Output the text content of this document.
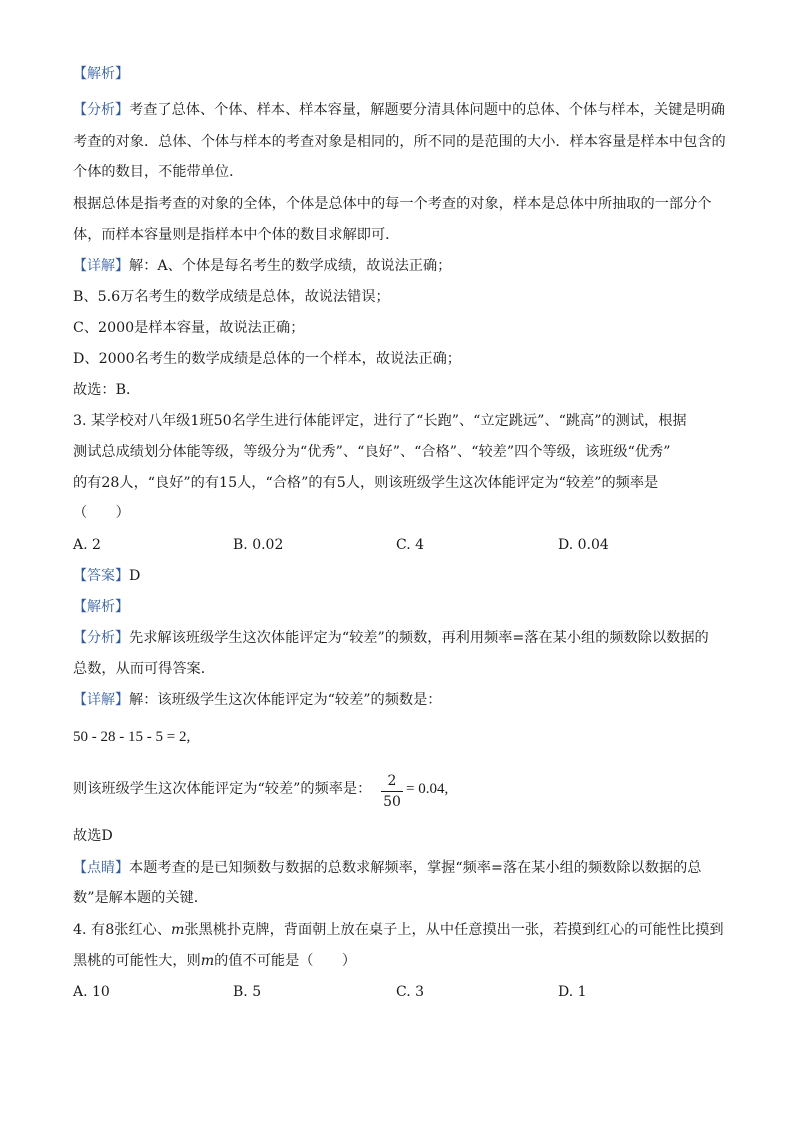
【解析】
【分析】考查了总体、个体、样本、样本容量，解题要分清具体问题中的总体、个体与样本，关键是明确
考查的对象．总体、个体与样本的考查对象是相同的，所不同的是范围的大小．样本容量是样本中包含的
个体的数目，不能带单位．
根据总体是指考查的对象的全体，个体是总体中的每一个考查的对象，样本是总体中所抽取的一部分个
体，而样本容量则是指样本中个体的数目求解即可．
【详解】解：A、个体是每名考生的数学成绩，故说法正确；
B、5.6万名考生的数学成绩是总体，故说法错误；
C、2000是样本容量，故说法正确；
D、2000名考生的数学成绩是总体的一个样本，故说法正确；
故选：B．
3. 某学校对八年级1班50名学生进行体能评定，进行了“长跑”、“立定跳远”、“跳高”的测试，根据
测试总成绩划分体能等级，等级分为“优秀”、“良好”、“合格”、“较差”四个等级，该班级“优秀”
的有28人，“良好”的有15人，“合格”的有5人，则该班级学生这次体能评定为“较差”的频率是
（　　）
A. 2	B. 0.02	C. 4	D. 0.04
【答案】D
【解析】
【分析】先求解该班级学生这次体能评定为“较差”的频数，再利用频率=落在某小组的频数除以数据的
总数，从而可得答案．
【详解】解：该班级学生这次体能评定为“较差”的频数是：
50 - 28 - 15 - 5 = 2,
则该班级学生这次体能评定为“较差”的频率是：	2
50
= 0.04,
故选D
【点睛】本题考查的是已知频数与数据的总数求解频率，掌握“频率=落在某小组的频数除以数据的总
数”是解本题的关键．
4. 有8张红心、m张黑桃扑克牌，背面朝上放在桌子上，从中任意摸出一张，若摸到红心的可能性比摸到
黑桃的可能性大，则m的值不可能是（　　）
A. 10	B. 5	C. 3	D. 1
